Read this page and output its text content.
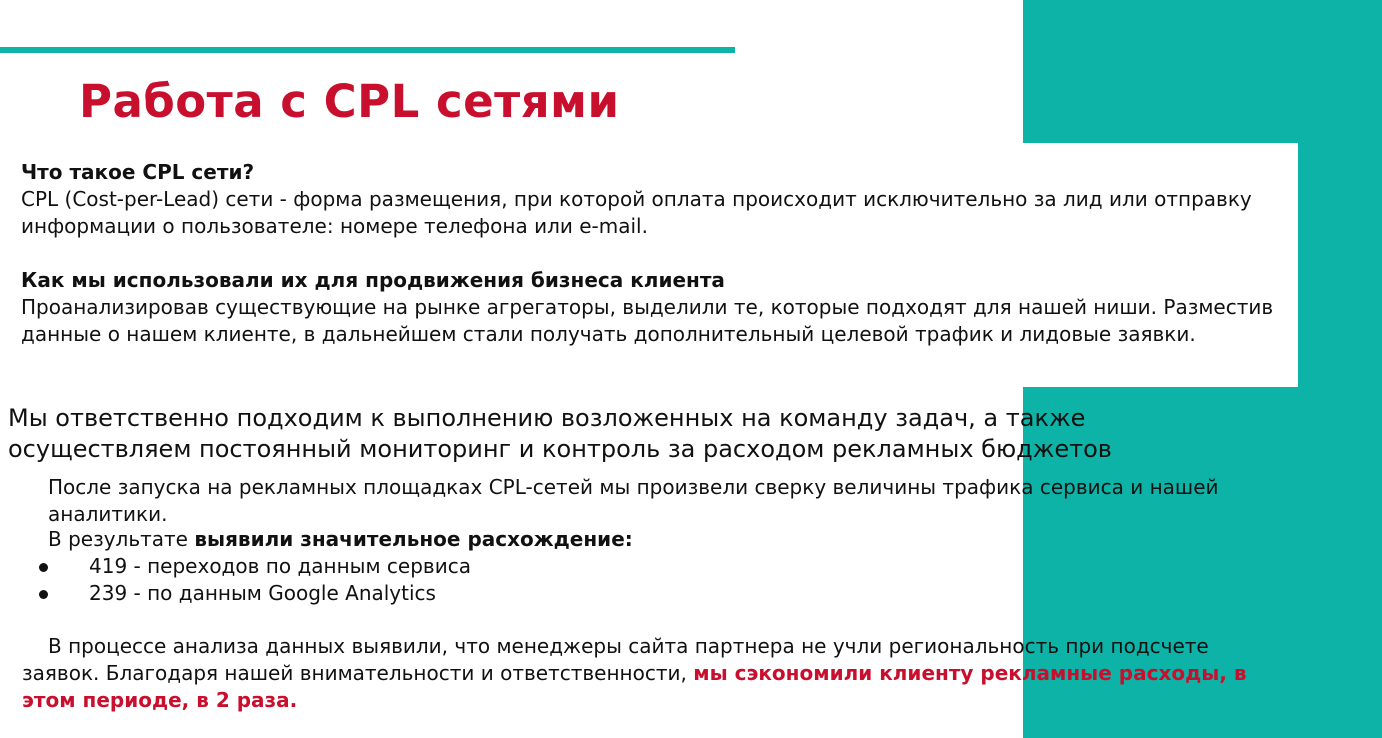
Работа с CPL сетями
Что такое CPL сети?
CPL (Cost-per-Lead) сети - форма размещения, при которой оплата происходит исключительно за лид или отправку информации о пользователе: номере телефона или e-mail.
Как мы использовали их для продвижения бизнеса клиента
Проанализировав существующие на рынке агрегаторы, выделили те, которые подходят для нашей ниши. Разместив данные о нашем клиенте, в дальнейшем стали получать дополнительный целевой трафик и лидовые заявки.
Мы ответственно подходим к выполнению возложенных на команду задач, а также осуществляем постоянный мониторинг и контроль за расходом рекламных бюджетов
После запуска на рекламных площадках CPL-сетей мы произвели сверку величины трафика сервиса и нашей аналитики.
В результате выявили значительное расхождение:
419 - переходов по данным сервиса
239 - по данным Google Analytics
В процессе анализа данных выявили, что менеджеры сайта партнера не учли региональность при подсчете заявок. Благодаря нашей внимательности и ответственности, мы сэкономили клиенту рекламные расходы, в этом периоде, в 2 раза.
